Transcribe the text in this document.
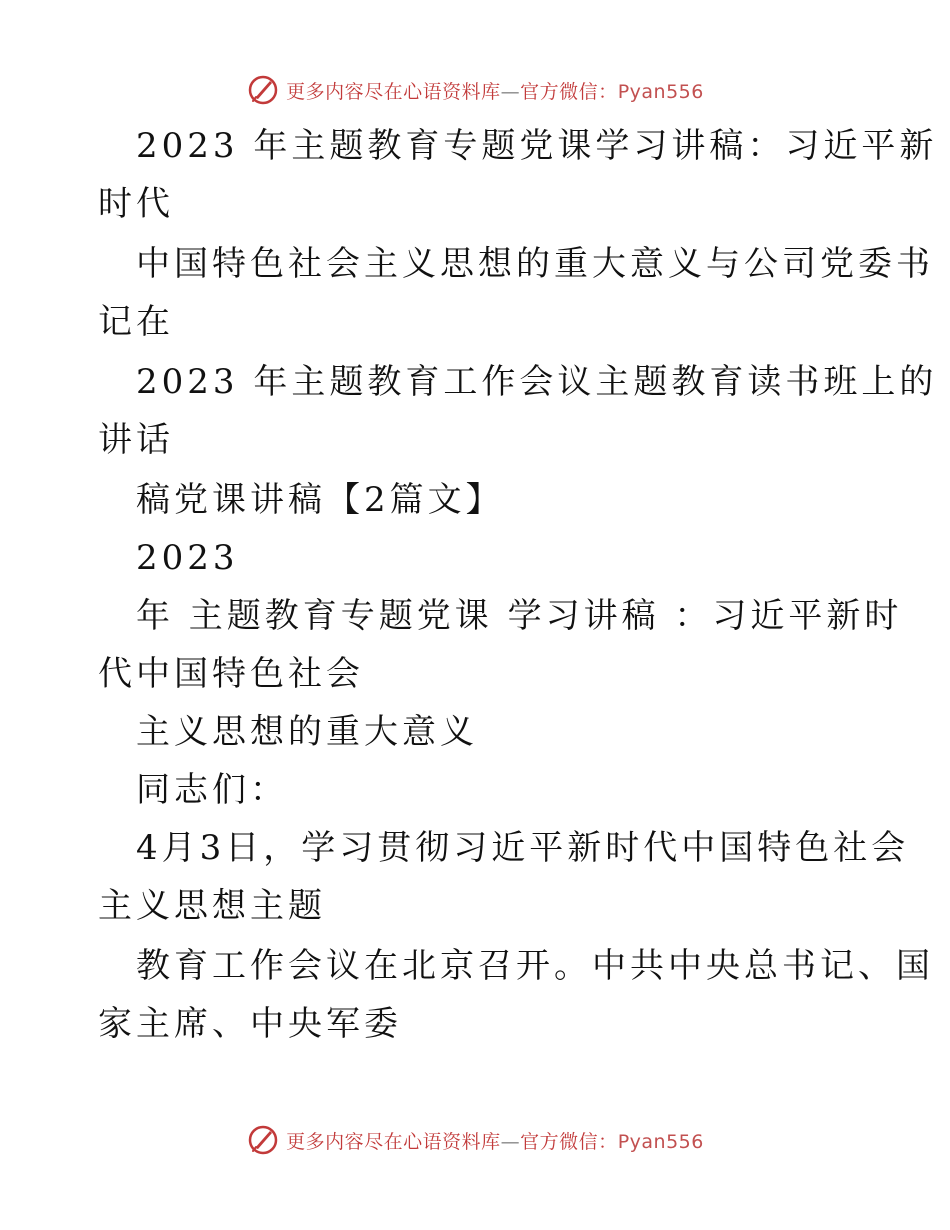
更多内容尽在心语资料库—官方微信：Pyan556
2023 年主题教育专题党课学习讲稿：习近平新
时代
中国特色社会主义思想的重大意义与公司党委书
记在
2023 年主题教育工作会议主题教育读书班上的
讲话
稿党课讲稿【2篇文】
2023
年 主题教育专题党课 学习讲稿 ：习近平新时
代中国特色社会
主义思想的重大意义
同志们：
4月3日，学习贯彻习近平新时代中国特色社会
主义思想主题
教育工作会议在北京召开。中共中央总书记、国
家主席、中央军委
更多内容尽在心语资料库—官方微信：Pyan556
